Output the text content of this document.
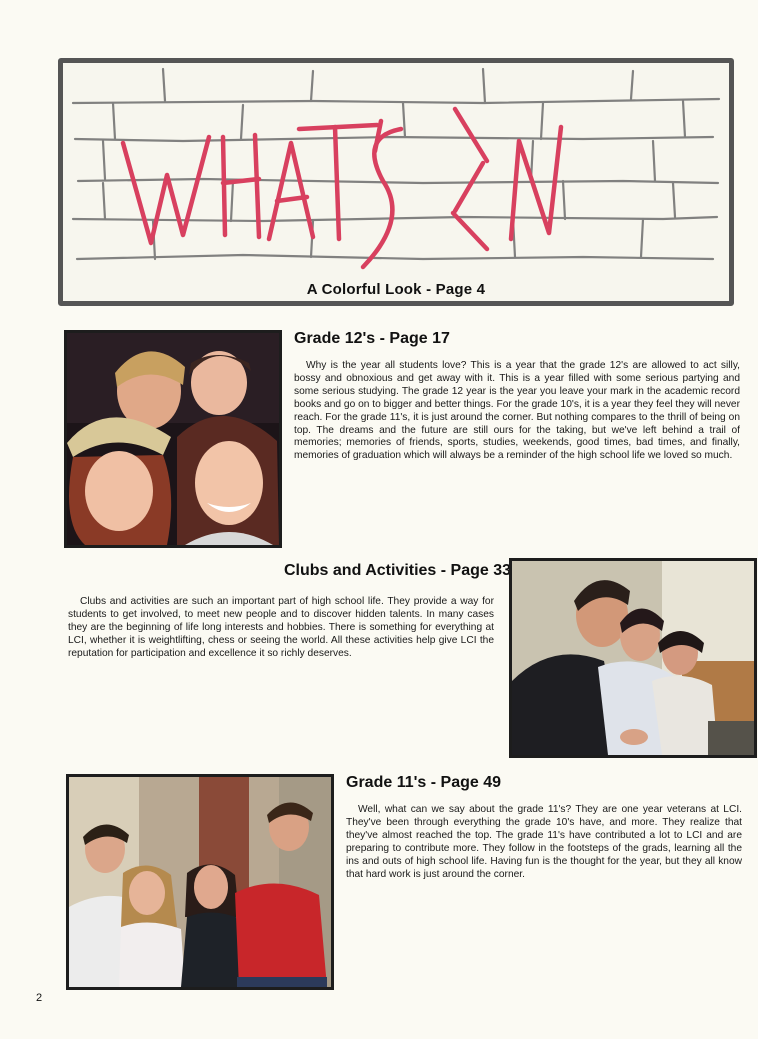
A Colorful Look - Page 4
Grade 12's - Page 17
Why is the year all students love? This is a year that the grade 12's are allowed to act silly, bossy and obnoxious and get away with it. This is a year filled with some serious partying and some serious studying. The grade 12 year is the year you leave your mark in the academic record books and go on to bigger and better things. For the grade 10's, it is a year they feel they will never reach. For the grade 11's, it is just around the corner. But nothing compares to the thrill of being on top. The dreams and the future are still ours for the taking, but we've left behind a trail of memories; memories of friends, sports, studies, weekends, good times, bad times, and finally, memories of graduation which will always be a reminder of the high school life we loved so much.
Clubs and Activities - Page 33
Clubs and activities are such an important part of high school life. They provide a way for students to get involved, to meet new people and to discover hidden talents. In many cases they are the beginning of life long interests and hobbies. There is something for everything at LCI, whether it is weightlifting, chess or seeing the world. All these activities help give LCI the reputation for participation and excellence it so richly deserves.
Grade 11's - Page 49
Well, what can we say about the grade 11's? They are one year veterans at LCI. They've been through everything the grade 10's have, and more. They realize that they've almost reached the top. The grade 11's have contributed a lot to LCI and are preparing to contribute more. They follow in the footsteps of the grads, learning all the ins and outs of high school life. Having fun is the thought for the year, but they all know that hard work is just around the corner.
2
